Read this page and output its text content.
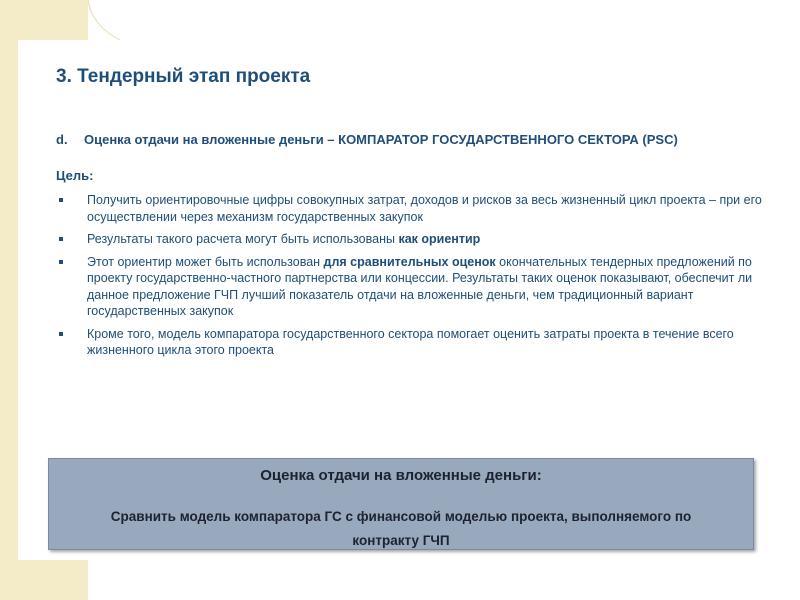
3. Тендерный этап проекта
d. Оценка отдачи на вложенные деньги – КОМПАРАТОР ГОСУДАРСТВЕННОГО СЕКТОРА (PSC)
Цель:
Получить ориентировочные цифры совокупных затрат, доходов и рисков за весь жизненный цикл проекта – при его осуществлении через механизм государственных закупок
Результаты такого расчета могут быть использованы как ориентир
Этот ориентир может быть использован для сравнительных оценок окончательных тендерных предложений по проекту государственно-частного партнерства или концессии. Результаты таких оценок показывают, обеспечит ли данное предложение ГЧП лучший показатель отдачи на вложенные деньги, чем традиционный вариант государственных закупок
Кроме того, модель компаратора государственного сектора помогает оценить затраты проекта в течение всего жизненного цикла этого проекта
Оценка отдачи на вложенные деньги:
Сравнить модель компаратора ГС с финансовой моделью проекта, выполняемого по контракту ГЧП
